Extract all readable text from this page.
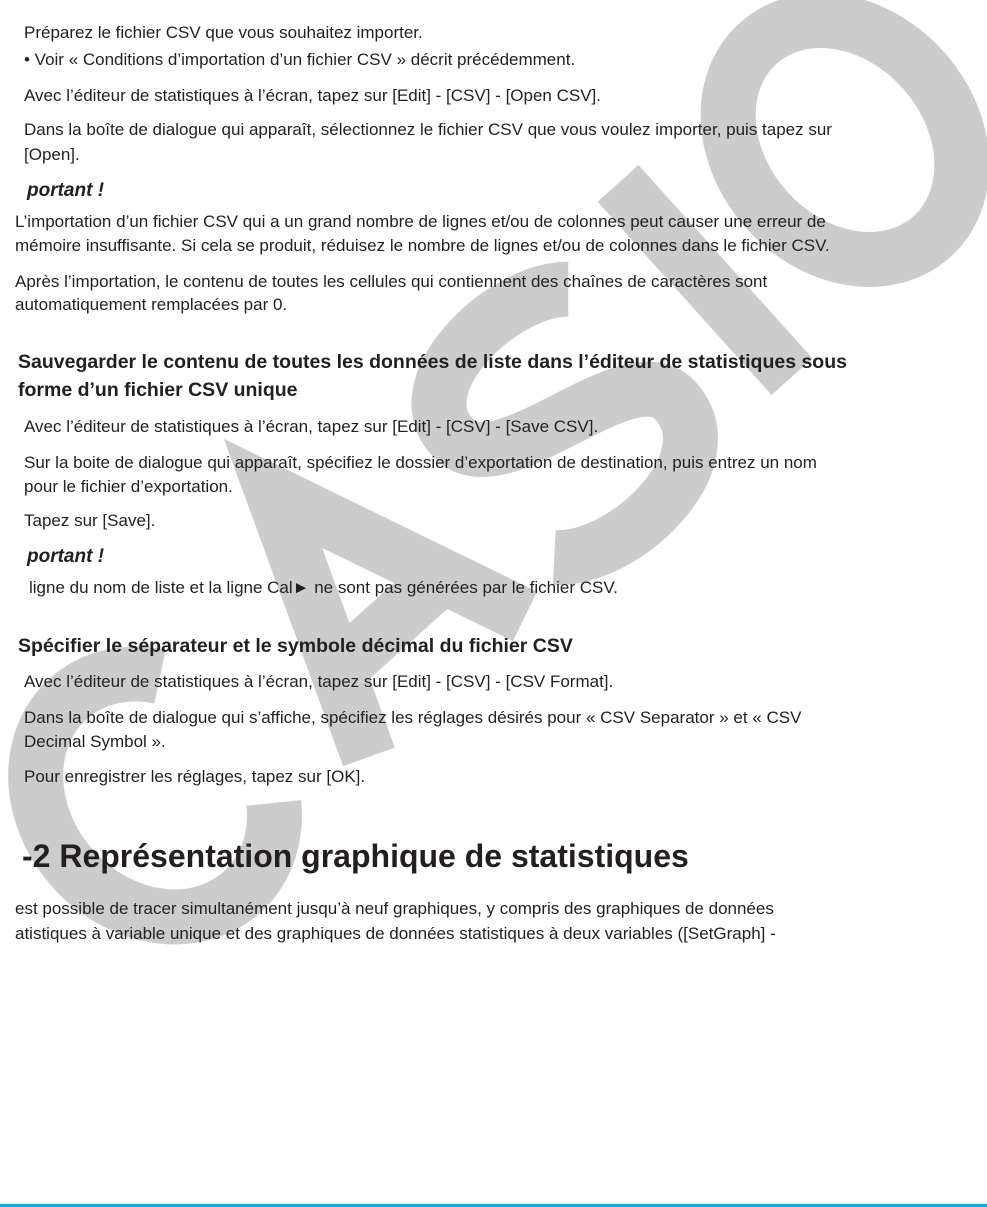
Préparez le fichier CSV que vous souhaitez importer.
• Voir « Conditions d’importation d’un fichier CSV » décrit précédemment.
Avec l’éditeur de statistiques à l’écran, tapez sur [Edit] - [CSV] - [Open CSV].
Dans la boîte de dialogue qui apparaît, sélectionnez le fichier CSV que vous voulez importer, puis tapez sur
[Open].
portant !
L’importation d’un fichier CSV qui a un grand nombre de lignes et/ou de colonnes peut causer une erreur de
mémoire insuffisante. Si cela se produit, réduisez le nombre de lignes et/ou de colonnes dans le fichier CSV.
Après l’importation, le contenu de toutes les cellules qui contiennent des chaînes de caractères sont
automatiquement remplacées par 0.
Sauvegarder le contenu de toutes les données de liste dans l’éditeur de statistiques sous
forme d’un fichier CSV unique
Avec l’éditeur de statistiques à l’écran, tapez sur [Edit] - [CSV] - [Save CSV].
Sur la boite de dialogue qui apparaît, spécifiez le dossier d’exportation de destination, puis entrez un nom
pour le fichier d’exportation.
Tapez sur [Save].
portant !
ligne du nom de liste et la ligne Cal► ne sont pas générées par le fichier CSV.
Spécifier le séparateur et le symbole décimal du fichier CSV
Avec l’éditeur de statistiques à l’écran, tapez sur [Edit] - [CSV] - [CSV Format].
Dans la boîte de dialogue qui s’affiche, spécifiez les réglages désirés pour « CSV Separator » et « CSV
Decimal Symbol ».
Pour enregistrer les réglages, tapez sur [OK].
-2 Représentation graphique de statistiques
est possible de tracer simultanément jusqu’à neuf graphiques, y compris des graphiques de données
atistiques à variable unique et des graphiques de données statistiques à deux variables ([SetGraph] -
